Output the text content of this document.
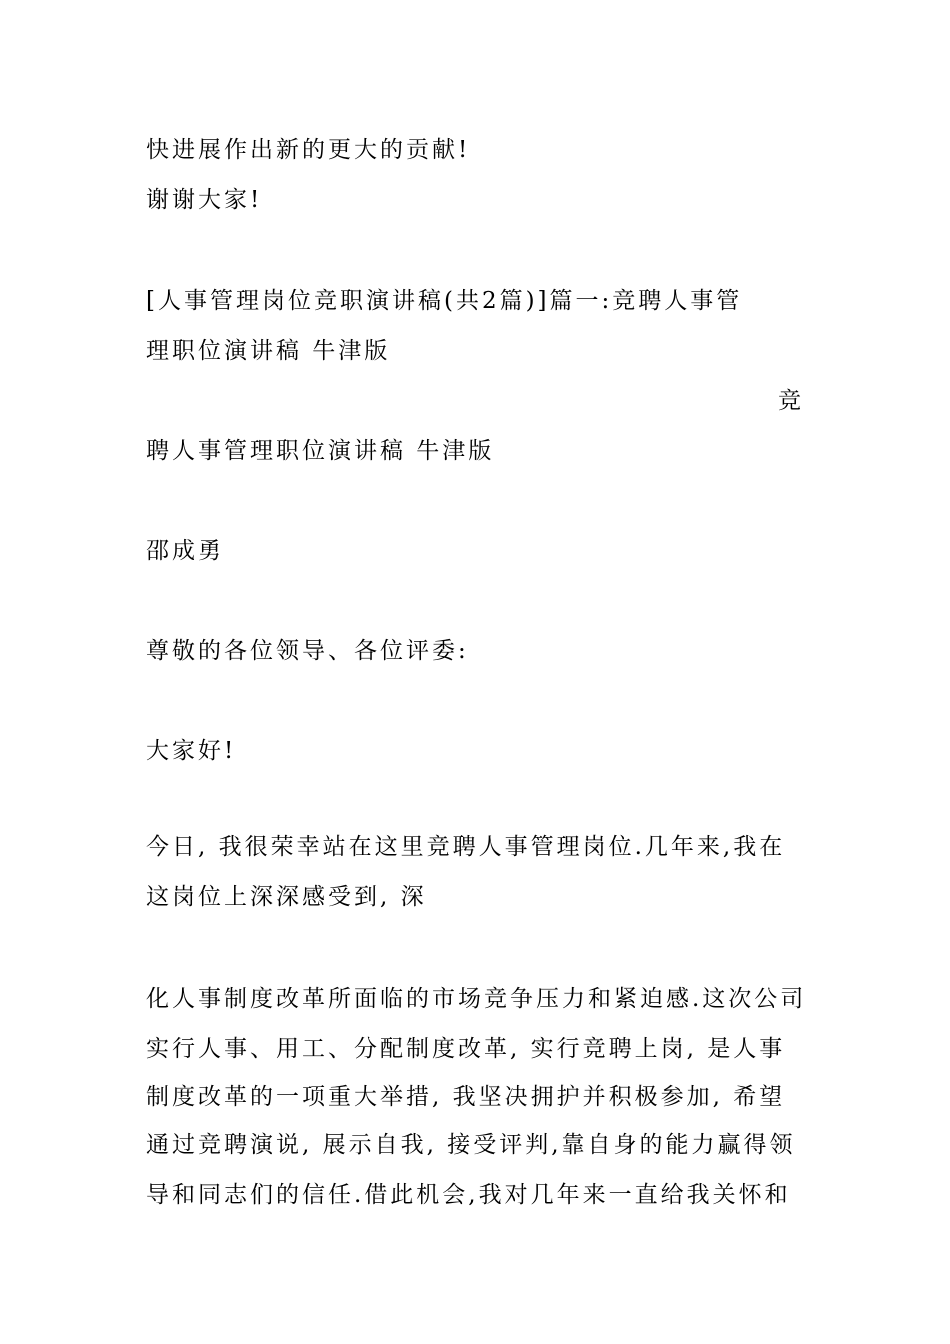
快进展作出新的更大的贡献!
谢谢大家!
[人事管理岗位竞职演讲稿(共2篇)]篇一:竞聘人事管
理职位演讲稿 牛津版
竞
聘人事管理职位演讲稿 牛津版
邵成勇
尊敬的各位领导、各位评委:
大家好!
今日, 我很荣幸站在这里竞聘人事管理岗位.几年来,我在
这岗位上深深感受到, 深
化人事制度改革所面临的市场竞争压力和紧迫感.这次公司
实行人事、用工、分配制度改革, 实行竞聘上岗, 是人事
制度改革的一项重大举措, 我坚决拥护并积极参加, 希望
通过竞聘演说, 展示自我, 接受评判,靠自身的能力赢得领
导和同志们的信任.借此机会,我对几年来一直给我关怀和
